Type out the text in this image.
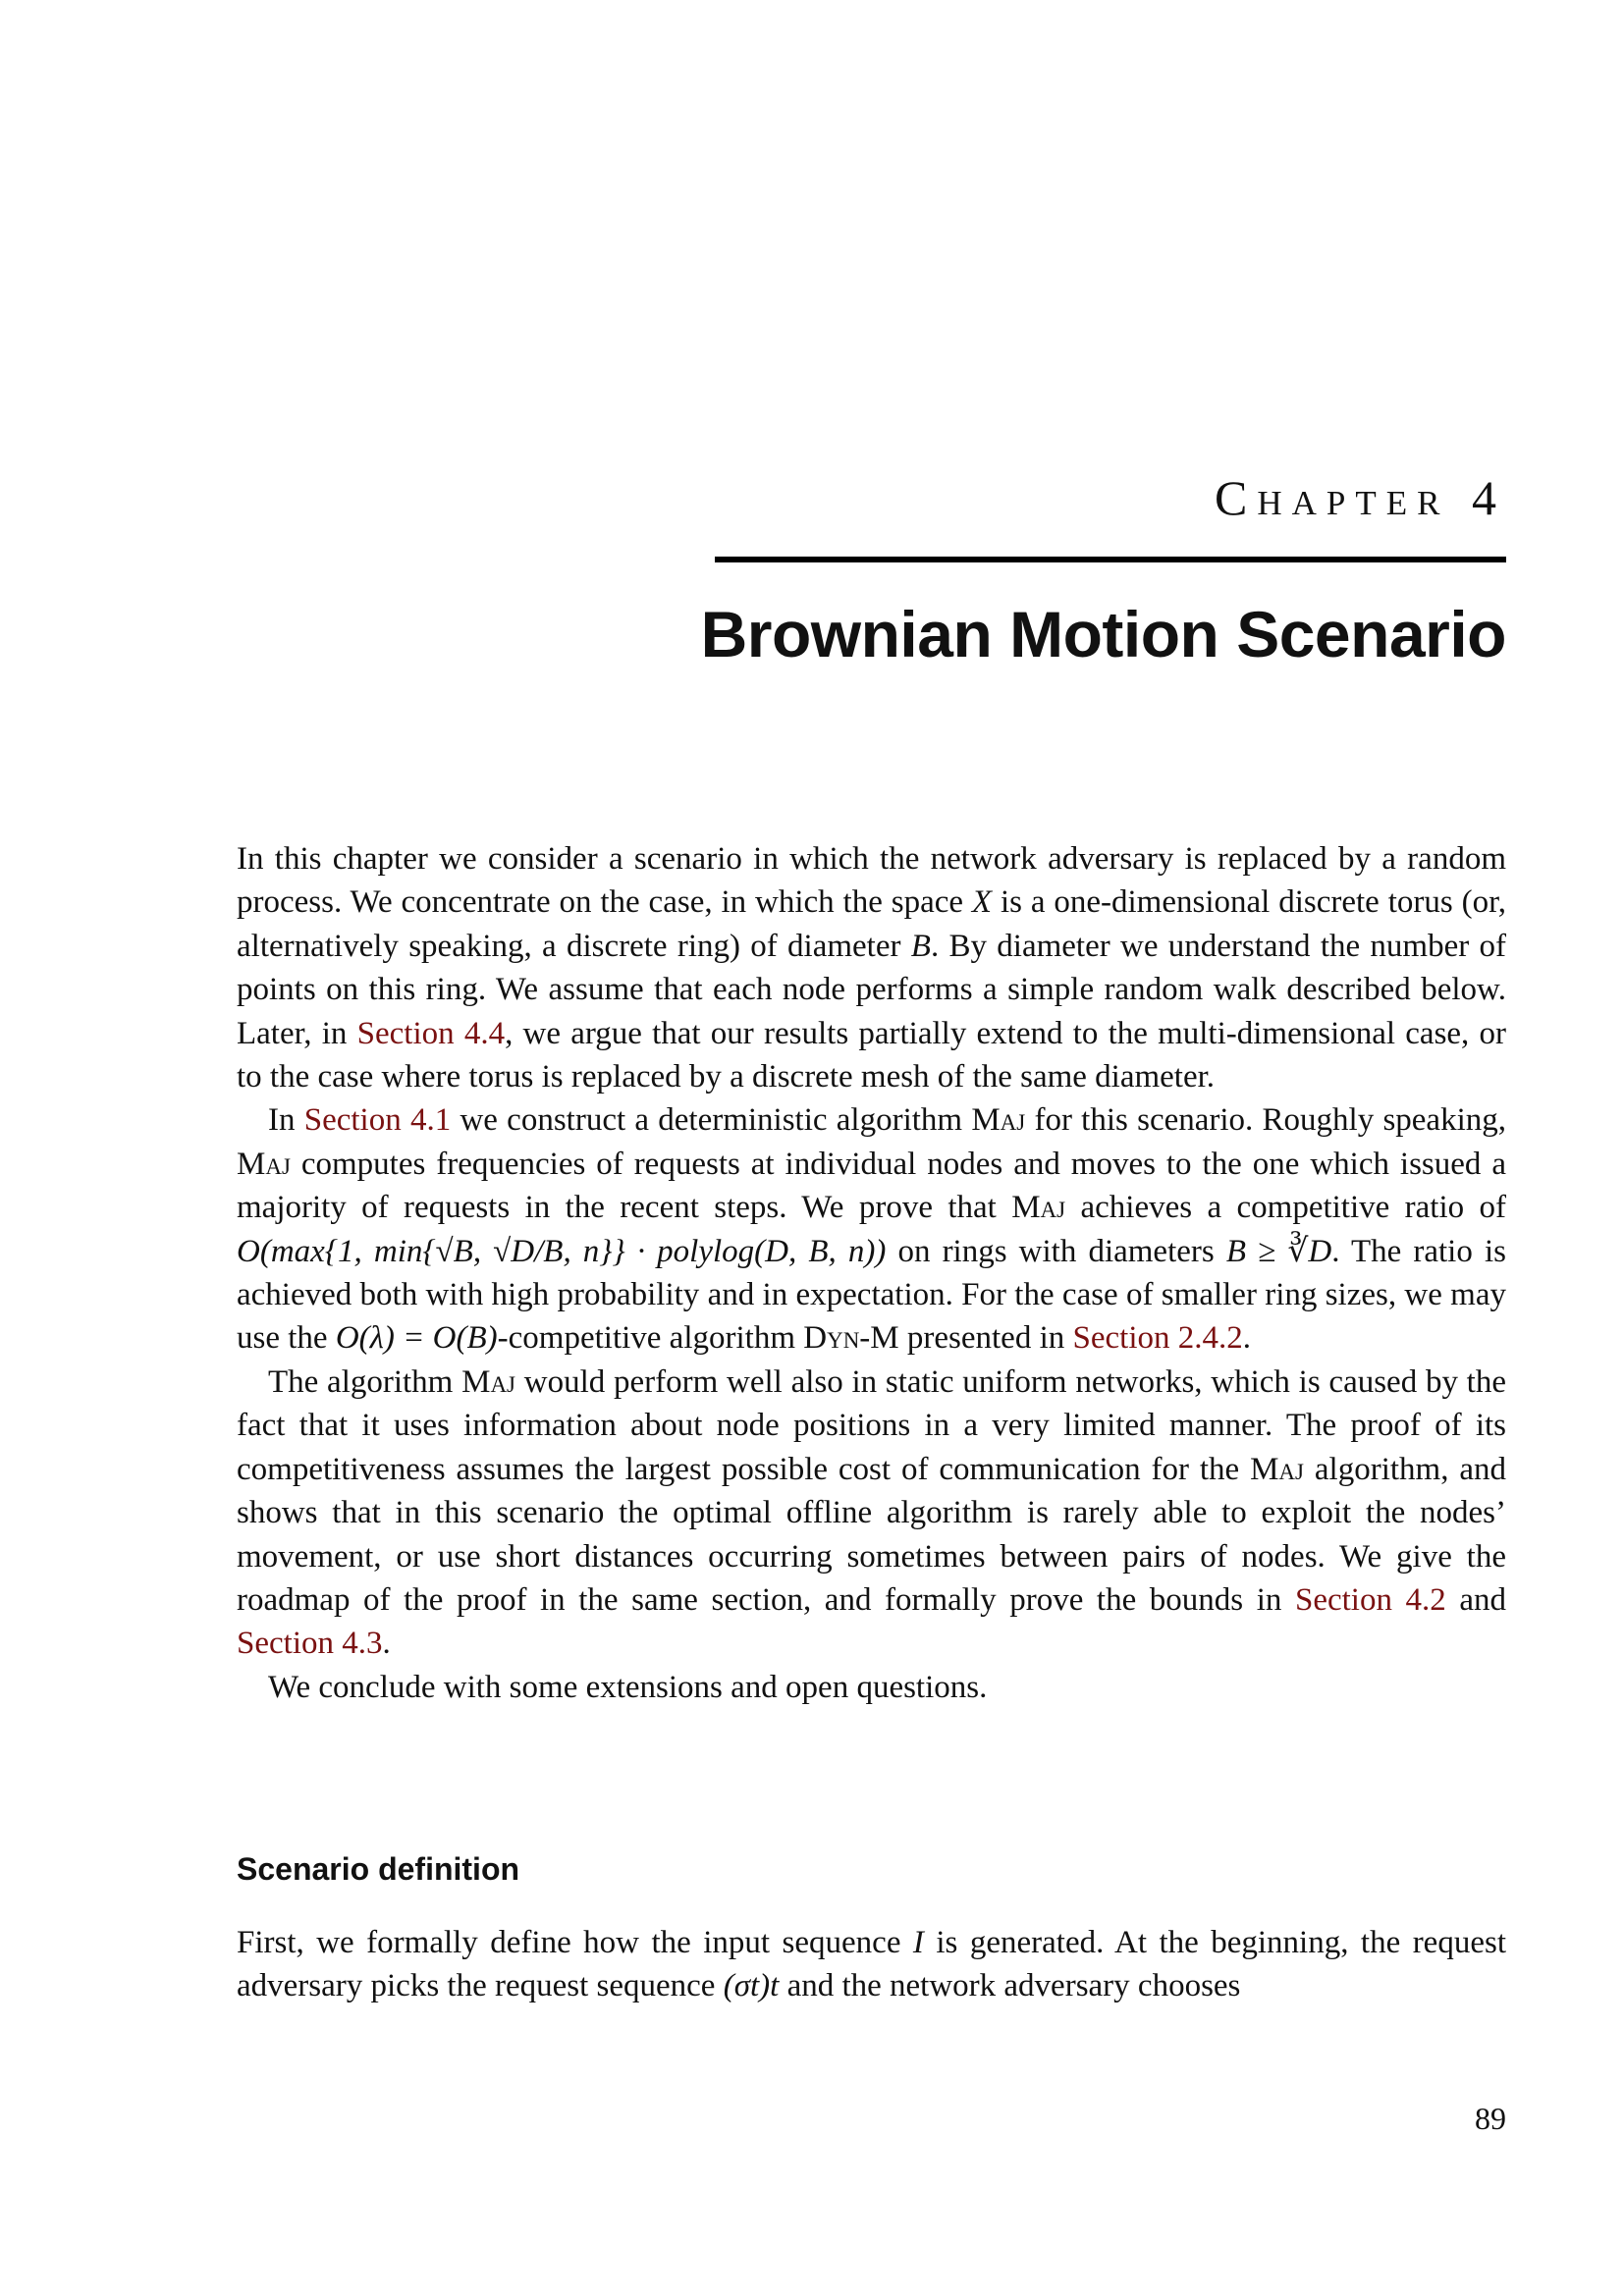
Chapter 4
Brownian Motion Scenario

In this chapter we consider a scenario in which the network adversary is replaced by a random process. We concentrate on the case, in which the space X is a one-dimensional discrete torus (or, alternatively speaking, a discrete ring) of diameter B. By diameter we understand the number of points on this ring. We assume that each node performs a simple random walk described below. Later, in Section 4.4, we argue that our results partially extend to the multi-dimensional case, or to the case where torus is replaced by a discrete mesh of the same diameter.

In Section 4.1 we construct a deterministic algorithm Maj for this scenario. Roughly speaking, Maj computes frequencies of requests at individual nodes and moves to the one which issued a majority of requests in the recent steps. We prove that Maj achieves a competitive ratio of O(max{1, min{√B, √D/B, n}} · polylog(D, B, n)) on rings with diameters B ≥ ∛D. The ratio is achieved both with high probability and in expectation. For the case of smaller ring sizes, we may use the O(λ) = O(B)-competitive algorithm Dyn-M presented in Section 2.4.2.

The algorithm Maj would perform well also in static uniform networks, which is caused by the fact that it uses information about node positions in a very limited manner. The proof of its competitiveness assumes the largest possible cost of communication for the Maj algorithm, and shows that in this scenario the optimal offline algorithm is rarely able to exploit the nodes’ movement, or use short distances occurring sometimes between pairs of nodes. We give the roadmap of the proof in the same section, and formally prove the bounds in Section 4.2 and Section 4.3.

We conclude with some extensions and open questions.

Scenario definition

First, we formally define how the input sequence I is generated. At the beginning, the request adversary picks the request sequence (σt)t and the network adversary chooses

89
